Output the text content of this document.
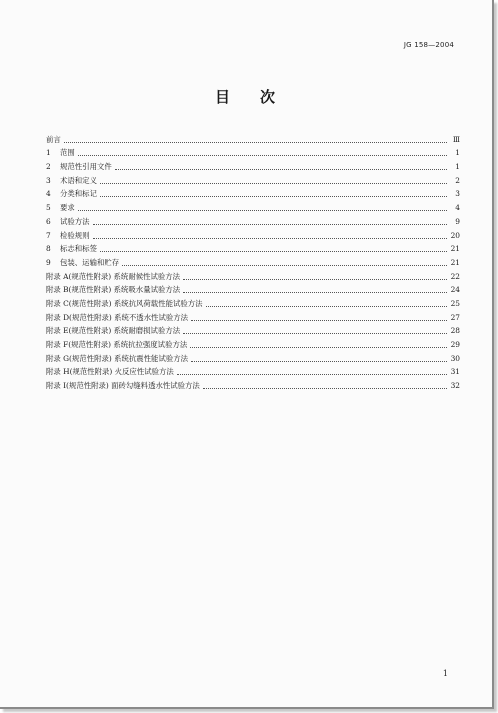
JG 158—2004
目 次
前言	Ⅲ
1	范围	1
2	规范性引用文件	1
3	术语和定义	2
4	分类和标记	3
5	要求	4
6	试验方法	9
7	检验规则	20
8	标志和标签	21
9	包装、运输和贮存	21
附录 A(规范性附录) 系统耐候性试验方法	22
附录 B(规范性附录) 系统吸水量试验方法	24
附录 C(规范性附录) 系统抗风荷载性能试验方法	25
附录 D(规范性附录) 系统不透水性试验方法	27
附录 E(规范性附录) 系统耐磨损试验方法	28
附录 F(规范性附录) 系统抗拉强度试验方法	29
附录 G(规范性附录) 系统抗震性能试验方法	30
附录 H(规范性附录) 火反应性试验方法	31
附录 I(规范性附录) 面砖勾缝料透水性试验方法	32
1
